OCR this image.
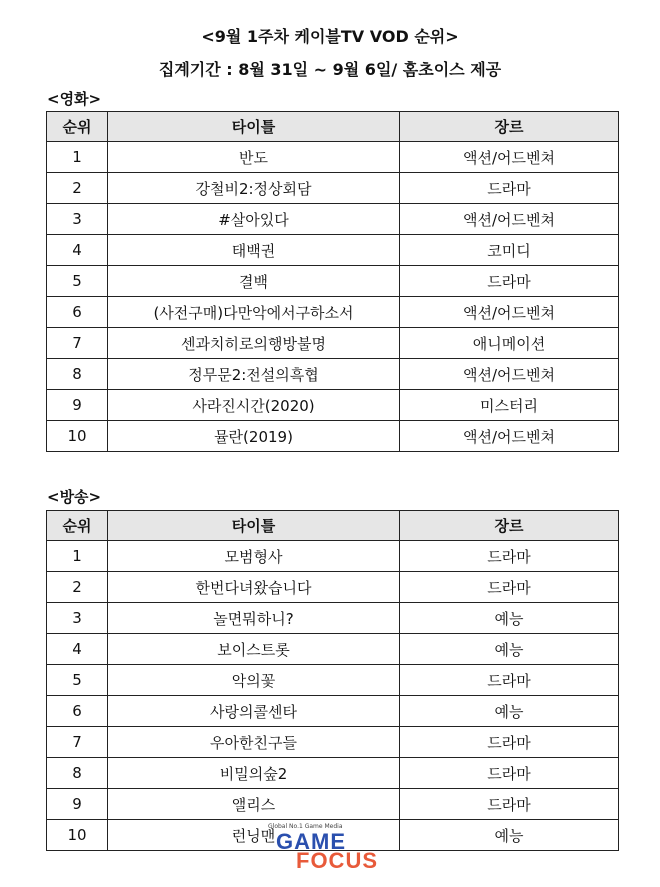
<9월 1주차 케이블TV VOD 순위>
집계기간 : 8월 31일 ~ 9월 6일/ 홈초이스 제공
<영화>
순위	타이틀	장르
1	반도	액션/어드벤쳐
2	강철비2:정상회담	드라마
3	#살아있다	액션/어드벤쳐
4	태백권	코미디
5	결백	드라마
6	(사전구매)다만악에서구하소서	액션/어드벤쳐
7	센과치히로의행방불명	애니메이션
8	정무문2:전설의흑협	액션/어드벤쳐
9	사라진시간(2020)	미스터리
10	뮬란(2019)	액션/어드벤쳐
<방송>
순위	타이틀	장르
1	모범형사	드라마
2	한번다녀왔습니다	드라마
3	놀면뭐하니?	예능
4	보이스트롯	예능
5	악의꽃	드라마
6	사랑의콜센타	예능
7	우아한친구들	드라마
8	비밀의숲2	드라마
9	앨리스	드라마
10	런닝맨	예능
Global No.1 Game Media
GAME
FOCUS
